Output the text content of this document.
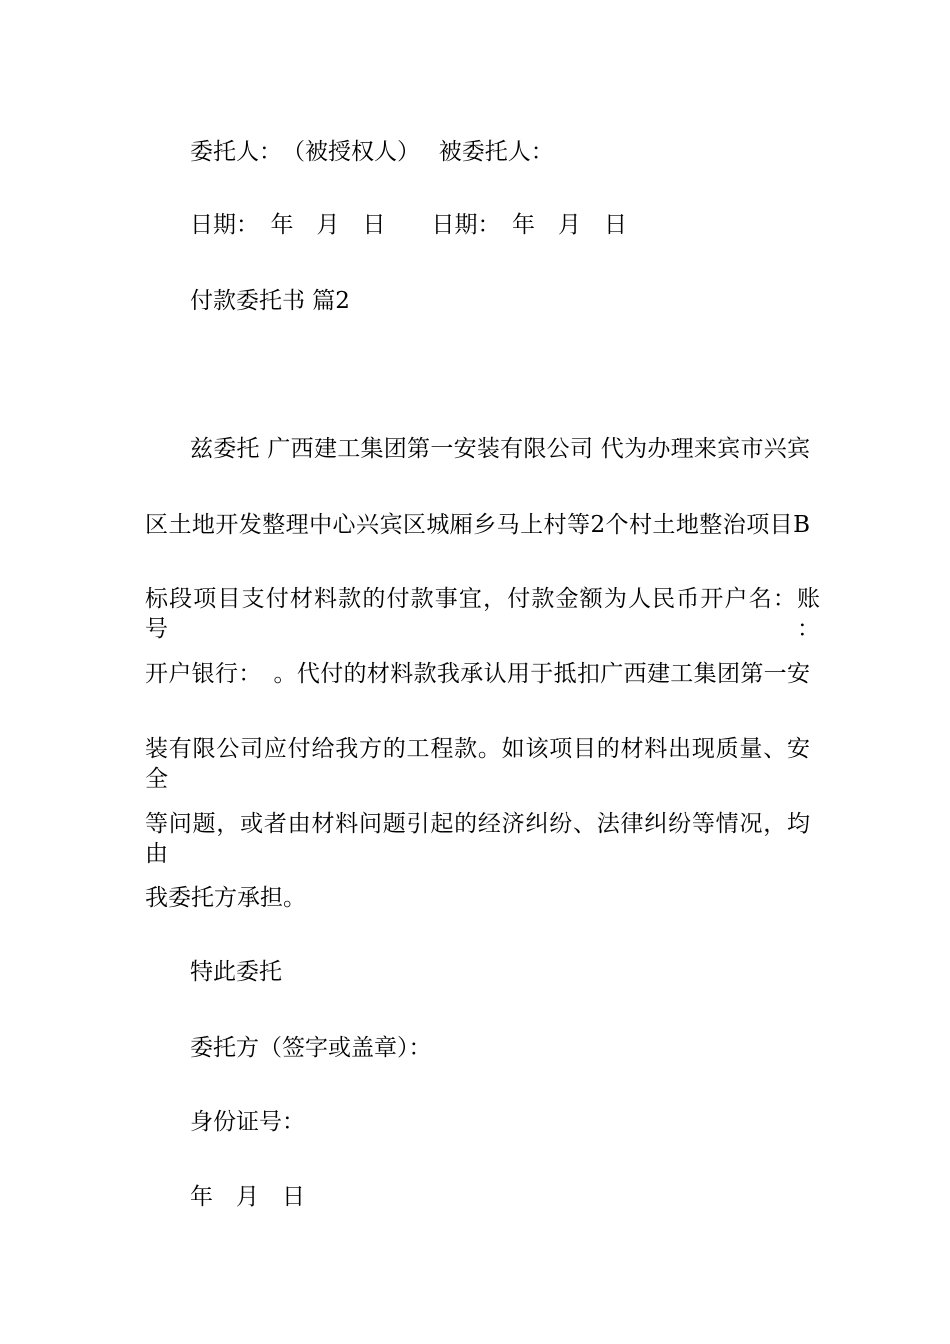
委托人：　（被授权人）　 被委托人：

日期：　年　月　日　　日期：　年　月　日

付款委托书 篇2

兹委托 广西建工集团第一安装有限公司 代为办理来宾市兴宾

区土地开发整理中心兴宾区城厢乡马上村等2个村土地整治项目B

标段项目支付材料款的付款事宜，付款金额为人民币开户名：账号：

开户银行：　。代付的材料款我承认用于抵扣广西建工集团第一安

装有限公司应付给我方的工程款。如该项目的材料出现质量、安全

等问题，或者由材料问题引起的经济纠纷、法律纠纷等情况，均由

我委托方承担。

特此委托

委托方（签字或盖章）：

身份证号：

年　月　日
